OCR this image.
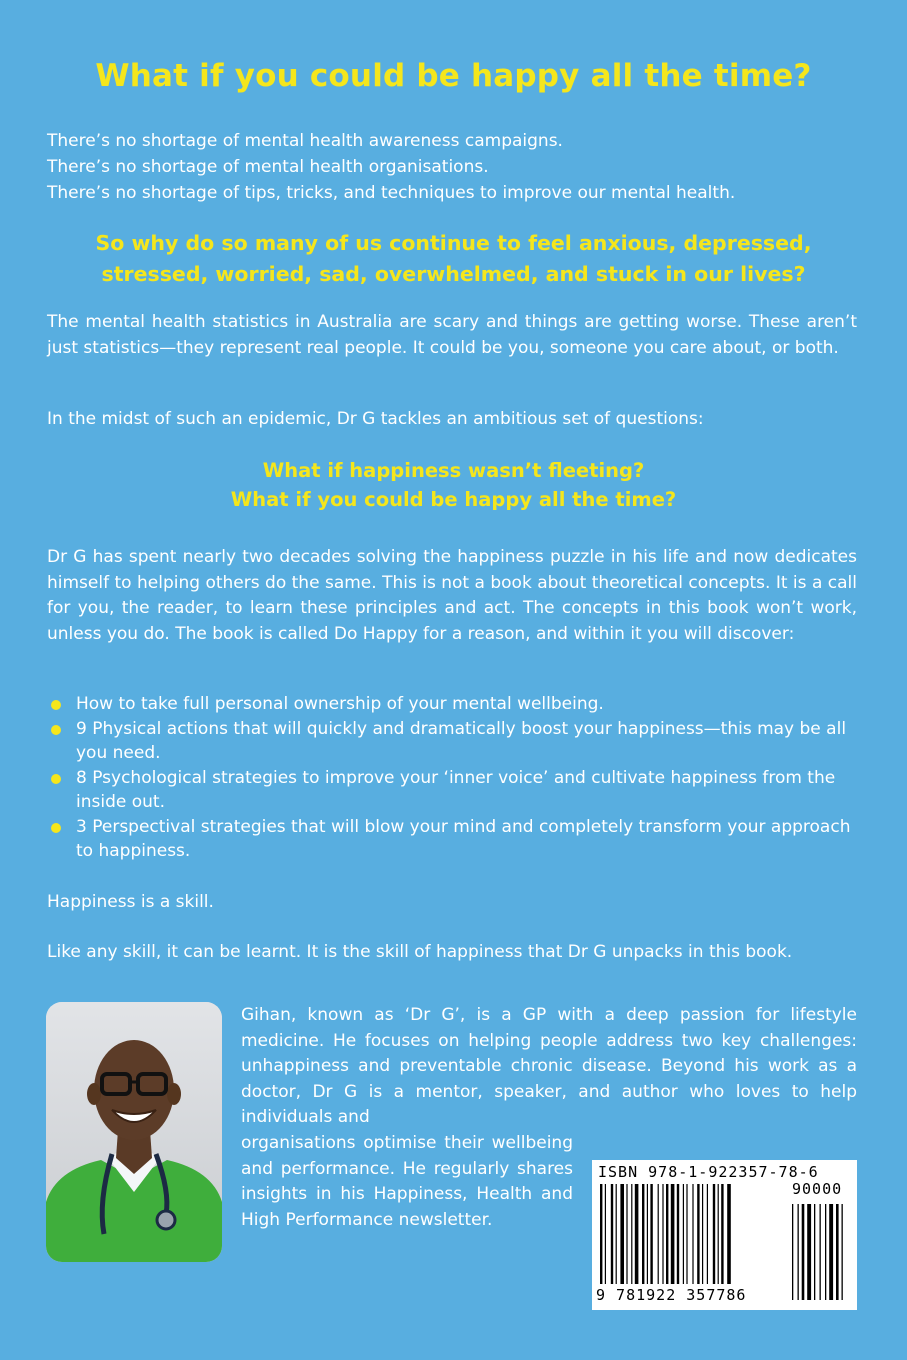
What if you could be happy all the time?
There’s no shortage of mental health awareness campaigns.
There’s no shortage of mental health organisations.
There’s no shortage of tips, tricks, and techniques to improve our mental health.
So why do so many of us continue to feel anxious, depressed,
stressed, worried, sad, overwhelmed, and stuck in our lives?
The mental health statistics in Australia are scary and things are getting worse. These aren’t just statistics—they represent real people. It could be you, someone you care about, or both.
In the midst of such an epidemic, Dr G tackles an ambitious set of questions:
What if happiness wasn’t fleeting?
What if you could be happy all the time?
Dr G has spent nearly two decades solving the happiness puzzle in his life and now dedicates himself to helping others do the same. This is not a book about theoretical concepts. It is a call for you, the reader, to learn these principles and act. The concepts in this book won’t work, unless you do. The book is called Do Happy for a reason, and within it you will discover:
How to take full personal ownership of your mental wellbeing.
9 Physical actions that will quickly and dramatically boost your happiness—this may be all you need.
8 Psychological strategies to improve your ‘inner voice’ and cultivate happiness from the inside out.
3 Perspectival strategies that will blow your mind and completely transform your approach to happiness.
Happiness is a skill.
Like any skill, it can be learnt. It is the skill of happiness that Dr G unpacks in this book.
Gihan, known as ‘Dr G’, is a GP with a deep passion for lifestyle medicine. He focuses on helping people address two key challenges: unhappiness and preventable chronic disease. Beyond his work as a doctor, Dr G is a mentor, speaker, and author who loves to help individuals and
organisations optimise their wellbeing and performance. He regularly shares insights in his Happiness, Health and High Performance newsletter.
ISBN 978-1-922357-78-6
90000
9 781922 357786
